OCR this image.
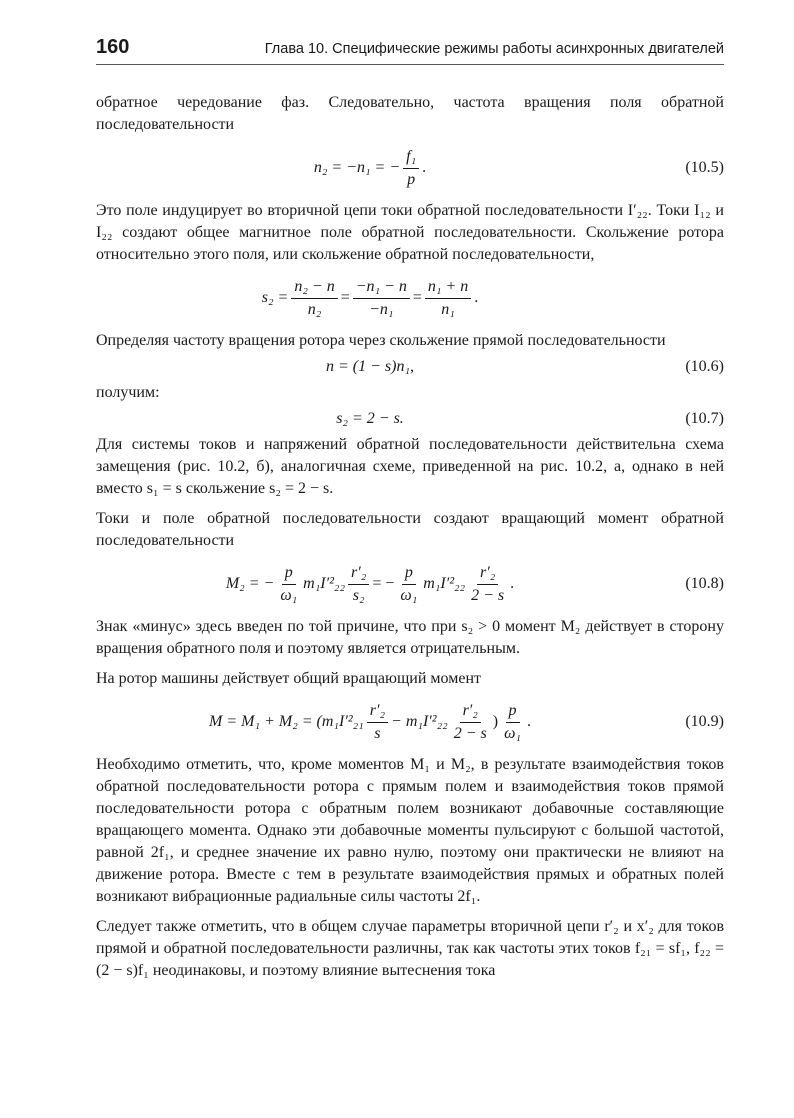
160	Глава 10. Специфические режимы работы асинхронных двигателей

обратное чередование фаз. Следовательно, частота вращения поля обратной последовательности

n₂ = −n₁ = − $\frac{\text{f₁}}{p}$ .	(10.5)

Это поле индуцирует во вторичной цепи токи обратной последовательности I′₂₂. Токи I₁₂ и I₂₂ создают общее магнитное поле обратной последовательности. Скольжение ротора относительно этого поля, или скольжение обратной последовательности,

$s_2 = \frac{\text{n₂ − n}}{\text{n₂}} = \frac{\text{−n₁ − n}}{\text{−n₁}} = \frac{\text{n₁ + n}}{\text{n₁}}$ .

Определяя частоту вращения ротора через скольжение прямой последовательности

n = (1 − s)n₁,	(10.6)

получим:

s₂ = 2 − s.	(10.7)

Для системы токов и напряжений обратной последовательности действительна схема замещения (рис. 10.2, б), аналогичная схеме, приведенной на рис. 10.2, а, однако в ней вместо s₁ = s скольжение s₂ = 2 − s.

Токи и поле обратной последовательности создают вращающий момент обратной последовательности

M₂ = − $\frac{p}{\text{ω₁}} m_1I'^2_{22} \frac{\text{r′₂}}{\text{s₂}}$ = − $\frac{p}{\text{ω₁}} m_1I'^2_{22} \frac{\text{r′₂}}{2 - s}$ .	(10.8)

Знак «минус» здесь введен по той причине, что при s₂ > 0 момент M₂ действует в сторону вращения обратного поля и поэтому является отрицательным.

На ротор машины действует общий вращающий момент

$M = M_1 + M_2 = (m_1I'^2_{21} \frac{\text{r′₂}}{s} - m_1I'^2_{22} \frac{\text{r′₂}}{2 - s}$ ) $\frac{p}{\text{ω₁}}$ .	(10.9)

Необходимо отметить, что, кроме моментов M₁ и M₂, в результате взаимодействия токов обратной последовательности ротора с прямым полем и взаимодействия токов прямой последовательности ротора с обратным полем возникают добавочные составляющие вращающего момента. Однако эти добавочные моменты пульсируют с большой частотой, равной 2f₁, и среднее значение их равно нулю, поэтому они практически не влияют на движение ротора. Вместе с тем в результате взаимодействия прямых и обратных полей возникают вибрационные радиальные силы частоты 2f₁.

Следует также отметить, что в общем случае параметры вторичной цепи r′₂ и x′₂ для токов прямой и обратной последовательности различны, так как частоты этих токов f₂₁ = sf₁, f₂₂ = (2 − s)f₁ неодинаковы, и поэтому влияние вытеснения тока
